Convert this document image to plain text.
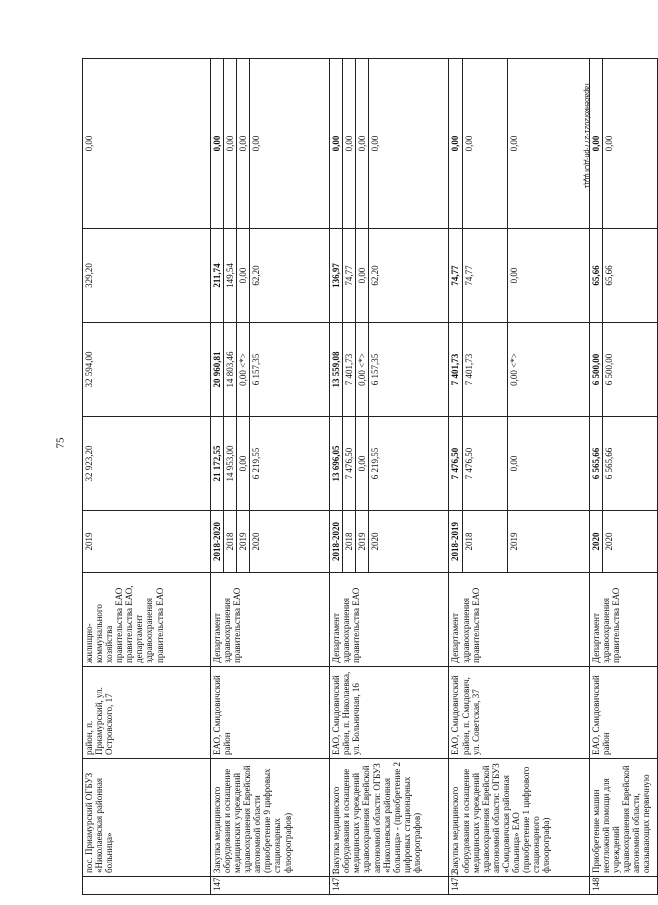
75
Тарасенко/2021-277-рп-ДОПДД1
	пос. Приамурский ОГБУЗ «Николаевская районная больница»	район, п. Приамурский, ул. Островского, 17	жилищно-коммунального хозяйства правительства ЕАО правительства ЕАО, департамент здравоохранения правительства ЕАО	2019	32 923,20	32 594,00	329,20	0,00
147	Закупка медицинского оборудования и оснащение медицинских учреждений здравоохранения Еврейской автономной области (приобретение 9 цифровых стационарных флюорографов)	ЕАО, Смидовичский район	Департамент здравоохранения правительства ЕАО	2018-2020	21 172,55	20 960,81	211,74	0,00
				2018	14 953,00	14 803,46	149,54	0,00
				2019	0,00	0,00 <*>	0,00	0,00
				2020	6 219,55	6 157,35	62,20	0,00
147.1	Закупка медицинского оборудования и оснащение медицинских учреждений здравоохранения Еврейской автономной области: ОГБУЗ «Николаевская районная больница» - (приобретение 2 цифровых стационарных флюорографов)	ЕАО, Смидовичский район, п. Николаевка, ул. Больничная, 16	Департамент здравоохранения правительства ЕАО	2018-2020	13 696,05	13 559,08	136,97	0,00
				2018	7 476,50	7 401,73	74,77	0,00
				2019	0,00	0,00 <*>	0,00	0,00
				2020	6 219,55	6 157,35	62,20	0,00
147.2	Закупка медицинского оборудования и оснащение медицинских учреждений здравоохранения Еврейской автономной области: ОГБУЗ «Смидовичская районная больница» ЕАО (приобретение 1 цифрового стационарного флюорографа)	ЕАО, Смидовичский район, п. Смидович, ул. Советская, 37	Департамент здравоохранения правительства ЕАО	2018-2019	7 476,50	7 401,73	74,77	0,00
				2018	7 476,50	7 401,73	74,77	0,00
				2019	0,00	0,00 <*>	0,00	0,00
148	Приобретение машин неотложной помощи для учреждений здравоохранения Еврейской автономной области, оказывающих первичную	ЕАО, Смидовичский район	Департамент здравоохранения правительства ЕАО	2020	6 565,66	6 500,00	65,66	0,00
				2020	6 565,66	6 500,00	65,66	0,00
